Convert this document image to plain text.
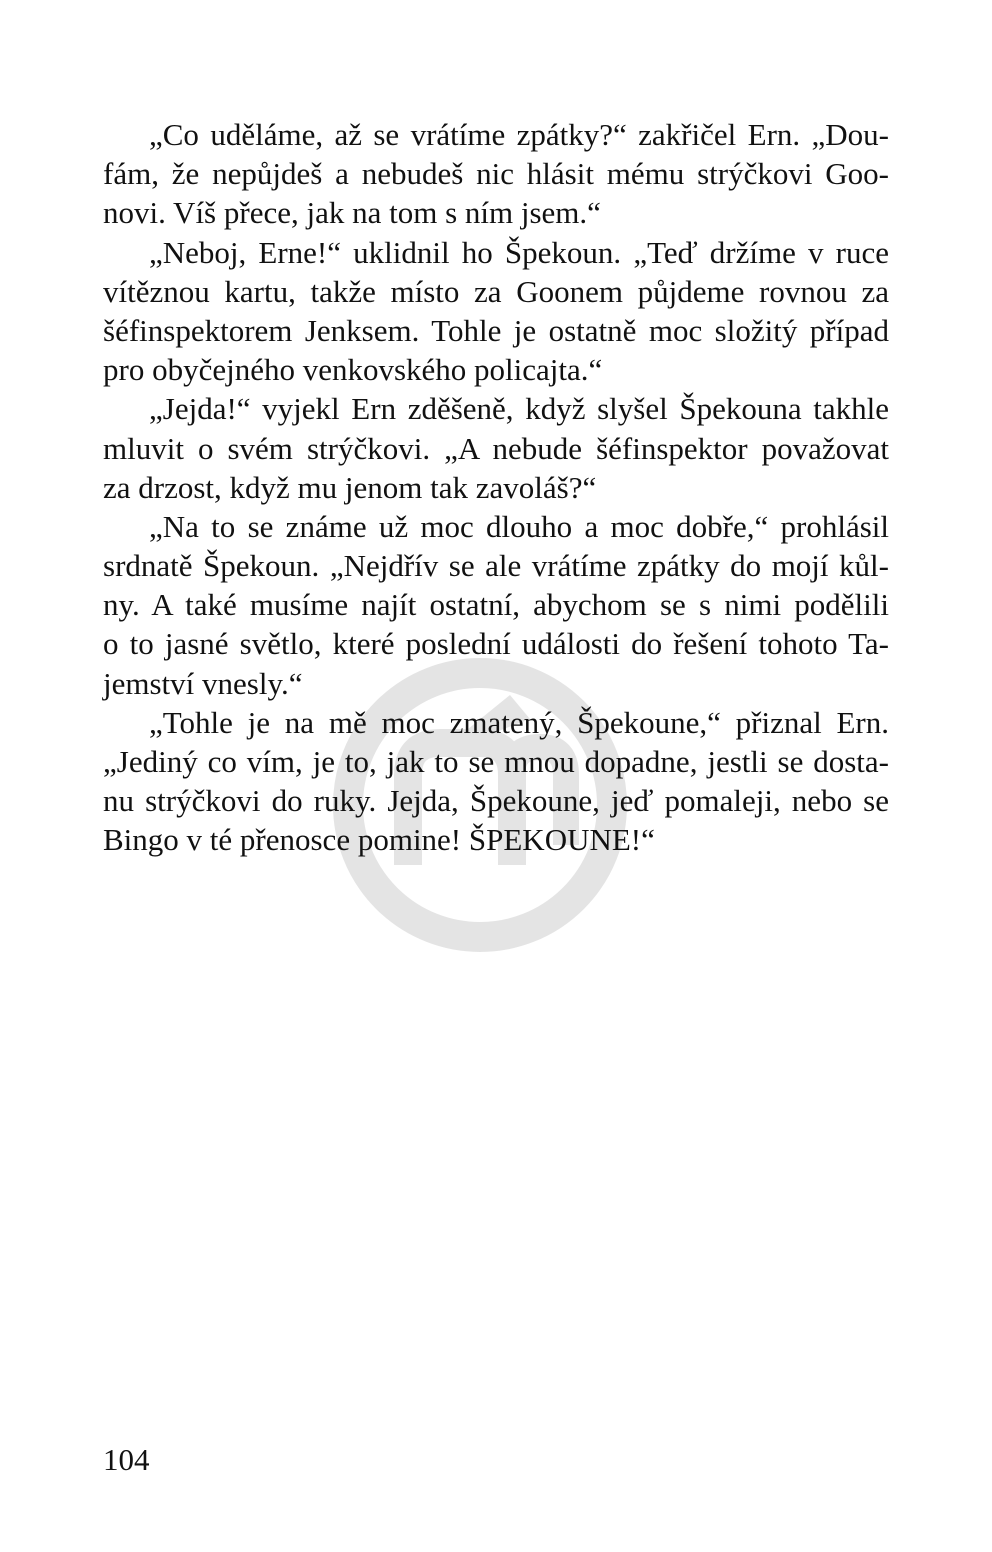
„Co uděláme, až se vrátíme zpátky?“ zakřičel Ern. „Dou-
fám, že nepůjdeš a nebudeš nic hlásit mému strýčkovi Goo-
novi. Víš přece, jak na tom s ním jsem.“
„Neboj, Erne!“ uklidnil ho Špekoun. „Teď držíme v ruce
vítěznou kartu, takže místo za Goonem půjdeme rovnou za
šéfinspektorem Jenksem. Tohle je ostatně moc složitý případ
pro obyčejného venkovského policajta.“
„Jejda!“ vyjekl Ern zděšeně, když slyšel Špekouna takhle
mluvit o svém strýčkovi. „A nebude šéfinspektor považovat
za drzost, když mu jenom tak zavoláš?“
„Na to se známe už moc dlouho a moc dobře,“ prohlásil
srdnatě Špekoun. „Nejdřív se ale vrátíme zpátky do mojí kůl-
ny. A také musíme najít ostatní, abychom se s nimi podělili
o to jasné světlo, které poslední události do řešení tohoto Ta-
jemství vnesly.“
„Tohle je na mě moc zmatený, Špekoune,“ přiznal Ern.
„Jediný co vím, je to, jak to se mnou dopadne, jestli se dosta-
nu strýčkovi do ruky. Jejda, Špekoune, jeď pomaleji, nebo se
Bingo v té přenosce pomine! ŠPEKOUNE!“
104
